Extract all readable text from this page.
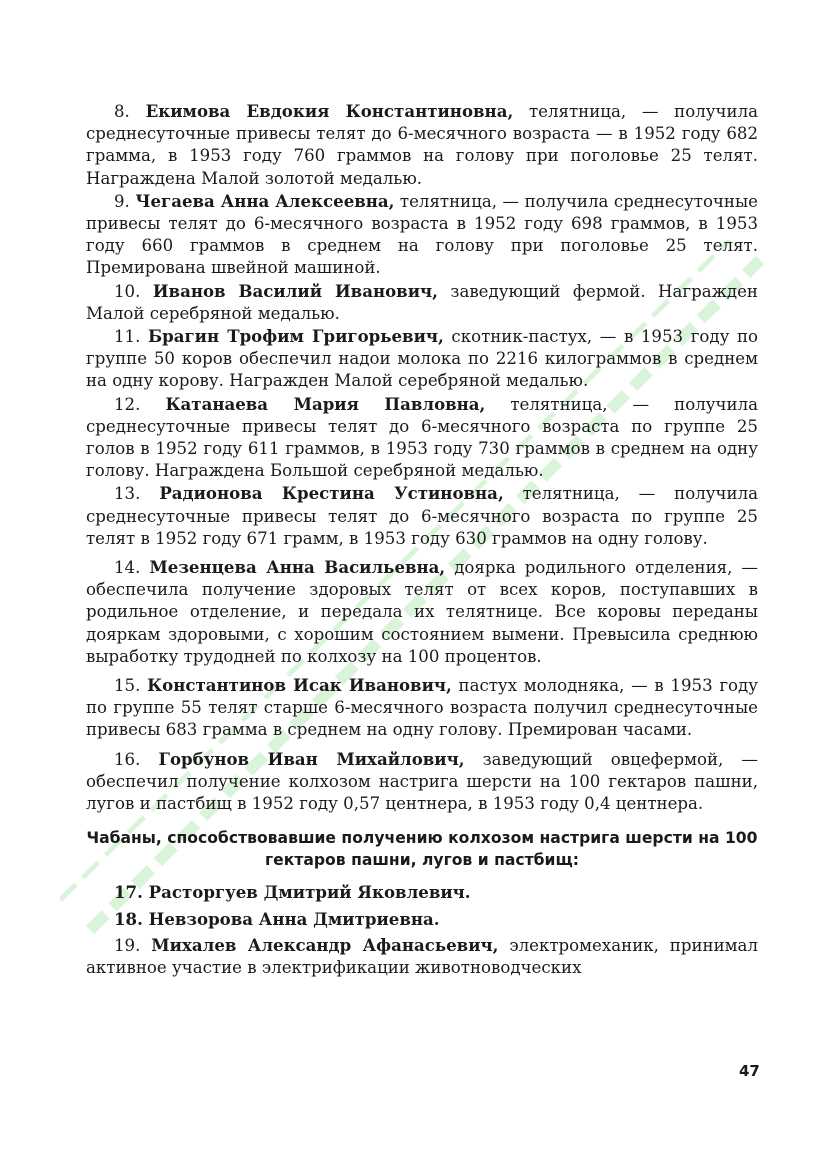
8. Екимова Евдокия Константиновна, телятница, — получила среднесуточные привесы телят до 6-месячного возраста — в 1952 году 682 грамма, в 1953 году 760 граммов на голову при поголовье 25 телят. Награждена Малой золотой медалью.

9. Чегаева Анна Алексеевна, телятница, — получила среднесуточные привесы телят до 6-месячного возраста в 1952 году 698 граммов, в 1953 году 660 граммов в среднем на голову при поголовье 25 телят. Премирована швейной машиной.

10. Иванов Василий Иванович, заведующий фермой. Награжден Малой серебряной медалью.

11. Брагин Трофим Григорьевич, скотник-пастух, — в 1953 году по группе 50 коров обеспечил надои молока по 2216 килограммов в среднем на одну корову. Награжден Малой серебряной медалью.

12. Катанаева Мария Павловна, телятница, — получила среднесуточные привесы телят до 6-месячного возраста по группе 25 голов в 1952 году 611 граммов, в 1953 году 730 граммов в среднем на одну голову. Награждена Большой серебряной медалью.

13. Радионова Крестина Устиновна, телятница, — получила среднесуточные привесы телят до 6-месячного возраста по группе 25 телят в 1952 году 671 грамм, в 1953 году 630 граммов на одну голову.

14. Мезенцева Анна Васильевна, доярка родильного отделения, — обеспечила получение здоровых телят от всех коров, поступавших в родильное отделение, и передала их телятнице. Все коровы переданы дояркам здоровыми, с хорошим состоянием вымени. Превысила среднюю выработку трудодней по колхозу на 100 процентов.

15. Константинов Исак Иванович, пастух молодняка, — в 1953 году по группе 55 телят старше 6-месячного возраста получил среднесуточные привесы 683 грамма в среднем на одну голову. Премирован часами.

16. Горбунов Иван Михайлович, заведующий овцефермой, — обеспечил получение колхозом настрига шерсти на 100 гектаров пашни, лугов и пастбищ в 1952 году 0,57 центнера, в 1953 году 0,4 центнера.

Чабаны, способствовавшие получению колхозом настрига шерсти на 100 гектаров пашни, лугов и пастбищ:

17. Расторгуев Дмитрий Яковлевич.

18. Невзорова Анна Дмитриевна.

19. Михалев Александр Афанасьевич, электромеханик, принимал активное участие в электрификации животноводческих

47
